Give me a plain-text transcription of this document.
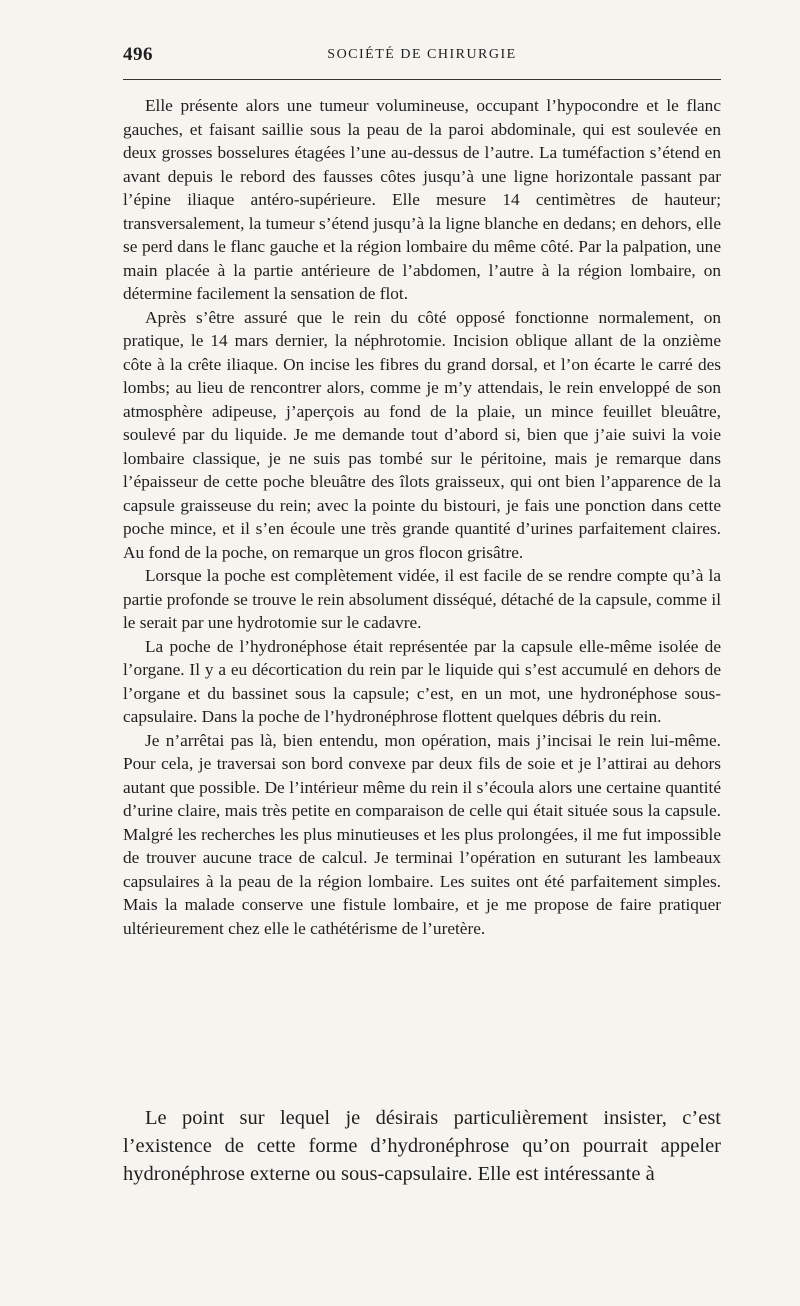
496	SOCIÉTÉ DE CHIRURGIE

Elle présente alors une tumeur volumineuse, occupant l’hypocondre et le flanc gauches, et faisant saillie sous la peau de la paroi abdominale, qui est soulevée en deux grosses bosselures étagées l’une au-dessus de l’autre. La tuméfaction s’étend en avant depuis le rebord des fausses côtes jusqu’à une ligne horizontale passant par l’épine iliaque antéro-supérieure. Elle mesure 14 centimètres de hauteur; transversalement, la tumeur s’étend jusqu’à la ligne blanche en dedans; en dehors, elle se perd dans le flanc gauche et la région lombaire du même côté. Par la palpation, une main placée à la partie antérieure de l’abdomen, l’autre à la région lombaire, on détermine facilement la sensation de flot.

Après s’être assuré que le rein du côté opposé fonctionne normalement, on pratique, le 14 mars dernier, la néphrotomie. Incision oblique allant de la onzième côte à la crête iliaque. On incise les fibres du grand dorsal, et l’on écarte le carré des lombs; au lieu de rencontrer alors, comme je m’y attendais, le rein enveloppé de son atmosphère adipeuse, j’aperçois au fond de la plaie, un mince feuillet bleuâtre, soulevé par du liquide. Je me demande tout d’abord si, bien que j’aie suivi la voie lombaire classique, je ne suis pas tombé sur le péritoine, mais je remarque dans l’épaisseur de cette poche bleuâtre des îlots graisseux, qui ont bien l’apparence de la capsule graisseuse du rein; avec la pointe du bistouri, je fais une ponction dans cette poche mince, et il s’en écoule une très grande quantité d’urines parfaitement claires. Au fond de la poche, on remarque un gros flocon grisâtre.

Lorsque la poche est complètement vidée, il est facile de se rendre compte qu’à la partie profonde se trouve le rein absolument disséqué, détaché de la capsule, comme il le serait par une hydrotomie sur le cadavre.

La poche de l’hydronéphose était représentée par la capsule elle-même isolée de l’organe. Il y a eu décortication du rein par le liquide qui s’est accumulé en dehors de l’organe et du bassinet sous la capsule; c’est, en un mot, une hydronéphose sous-capsulaire. Dans la poche de l’hydronéphrose flottent quelques débris du rein.

Je n’arrêtai pas là, bien entendu, mon opération, mais j’incisai le rein lui-même. Pour cela, je traversai son bord convexe par deux fils de soie et je l’attirai au dehors autant que possible. De l’intérieur même du rein il s’écoula alors une certaine quantité d’urine claire, mais très petite en comparaison de celle qui était située sous la capsule. Malgré les recherches les plus minutieuses et les plus prolongées, il me fut impossible de trouver aucune trace de calcul. Je terminai l’opération en suturant les lambeaux capsulaires à la peau de la région lombaire. Les suites ont été parfaitement simples. Mais la malade conserve une fistule lombaire, et je me propose de faire pratiquer ultérieurement chez elle le cathétérisme de l’uretère.

Le point sur lequel je désirais particulièrement insister, c’est l’existence de cette forme d’hydronéphrose qu’on pourrait appeler hydronéphrose externe ou sous-capsulaire. Elle est intéressante à
